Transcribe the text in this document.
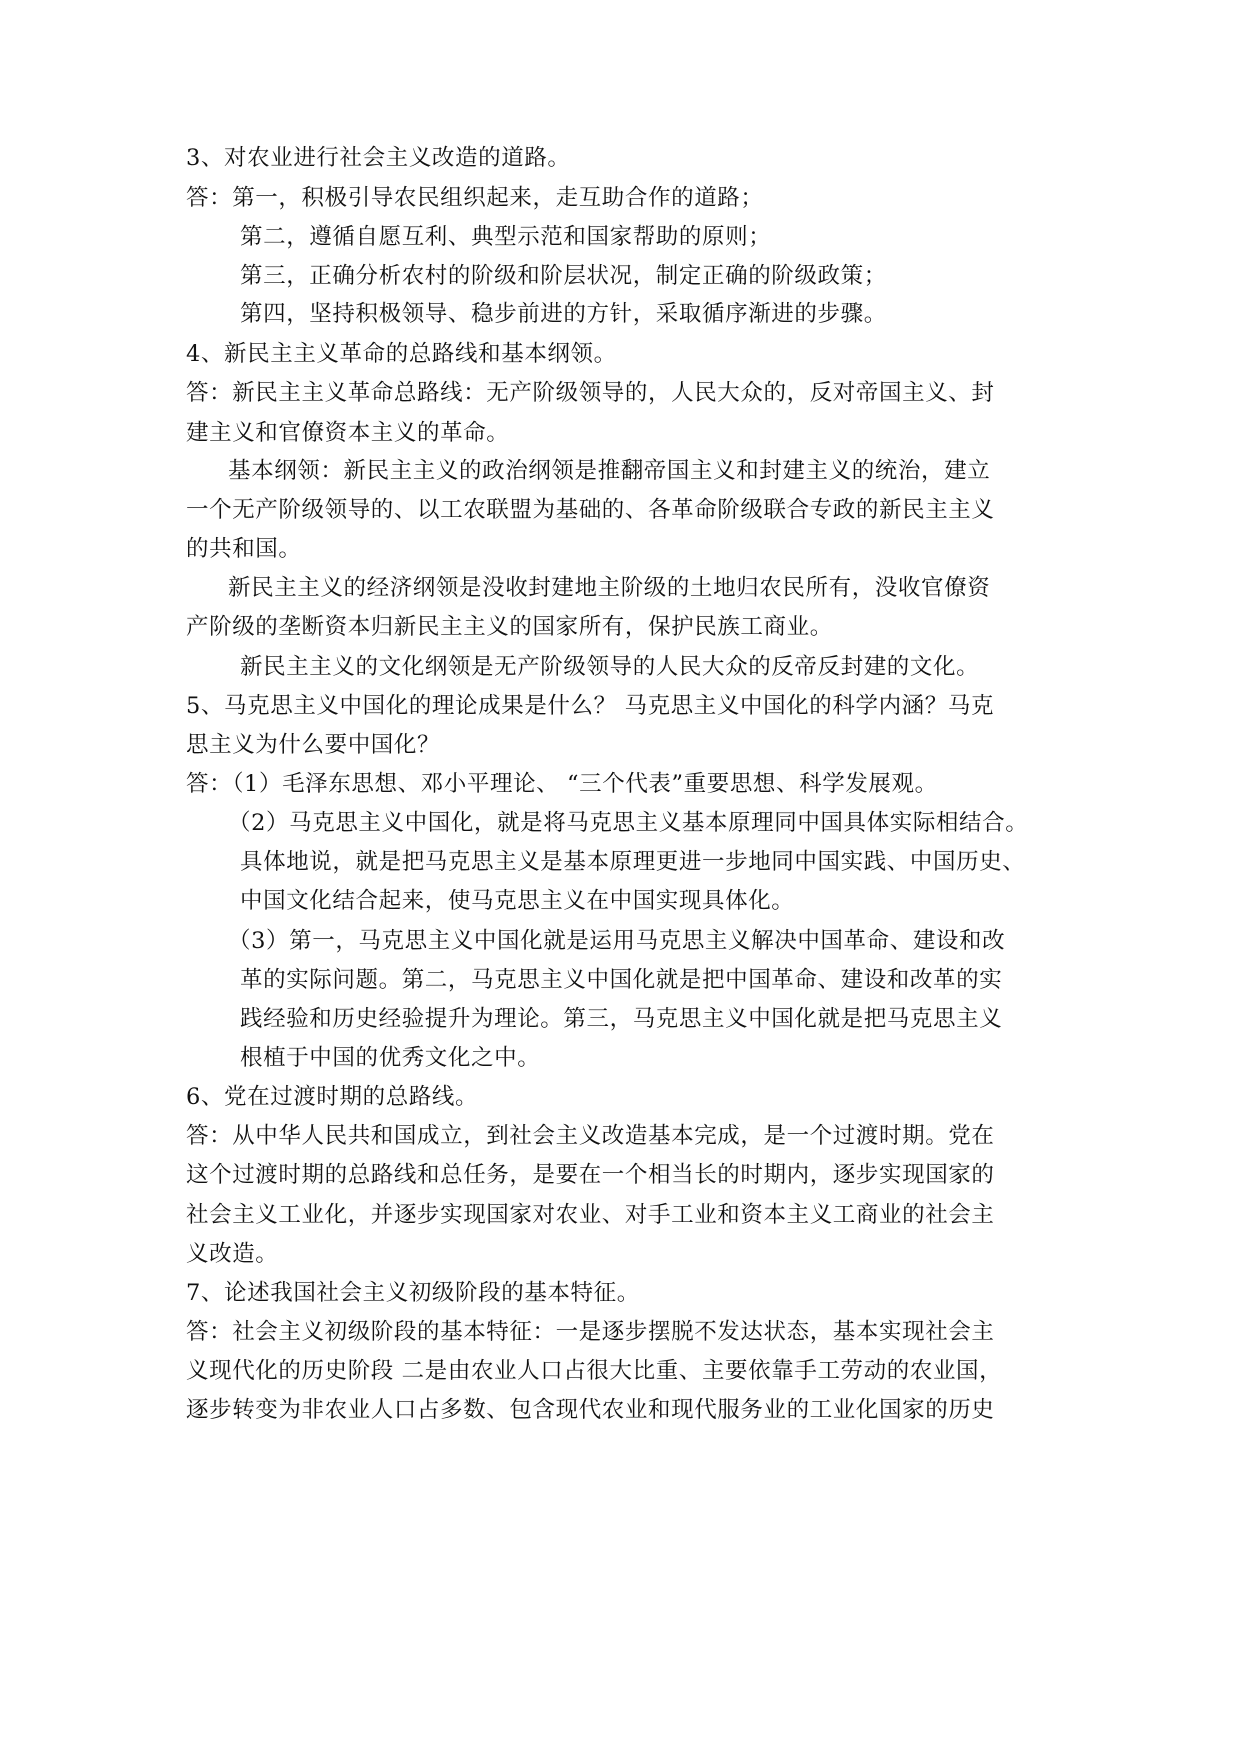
3、对农业进行社会主义改造的道路。
答：第一，积极引导农民组织起来，走互助合作的道路；
第二，遵循自愿互利、典型示范和国家帮助的原则；
第三，正确分析农村的阶级和阶层状况，制定正确的阶级政策；
第四，坚持积极领导、稳步前进的方针，采取循序渐进的步骤。
4、新民主主义革命的总路线和基本纲领。
答：新民主主义革命总路线：无产阶级领导的，人民大众的，反对帝国主义、封
建主义和官僚资本主义的革命。
基本纲领：新民主主义的政治纲领是推翻帝国主义和封建主义的统治，建立
一个无产阶级领导的、以工农联盟为基础的、各革命阶级联合专政的新民主主义
的共和国。
新民主主义的经济纲领是没收封建地主阶级的土地归农民所有，没收官僚资
产阶级的垄断资本归新民主主义的国家所有，保护民族工商业。
新民主主义的文化纲领是无产阶级领导的人民大众的反帝反封建的文化。
5、马克思主义中国化的理论成果是什么？ 马克思主义中国化的科学内涵？马克
思主义为什么要中国化？
答：（1）毛泽东思想、邓小平理论、 “三个代表”重要思想、科学发展观。
（2）马克思主义中国化，就是将马克思主义基本原理同中国具体实际相结合。
具体地说，就是把马克思主义是基本原理更进一步地同中国实践、中国历史、
中国文化结合起来，使马克思主义在中国实现具体化。
（3）第一，马克思主义中国化就是运用马克思主义解决中国革命、建设和改
革的实际问题。第二，马克思主义中国化就是把中国革命、建设和改革的实
践经验和历史经验提升为理论。第三，马克思主义中国化就是把马克思主义
根植于中国的优秀文化之中。
6、党在过渡时期的总路线。
答：从中华人民共和国成立，到社会主义改造基本完成，是一个过渡时期。党在
这个过渡时期的总路线和总任务，是要在一个相当长的时期内，逐步实现国家的
社会主义工业化，并逐步实现国家对农业、对手工业和资本主义工商业的社会主
义改造。
7、论述我国社会主义初级阶段的基本特征。
答：社会主义初级阶段的基本特征：一是逐步摆脱不发达状态，基本实现社会主
义现代化的历史阶段 二是由农业人口占很大比重、主要依靠手工劳动的农业国，
逐步转变为非农业人口占多数、包含现代农业和现代服务业的工业化国家的历史
